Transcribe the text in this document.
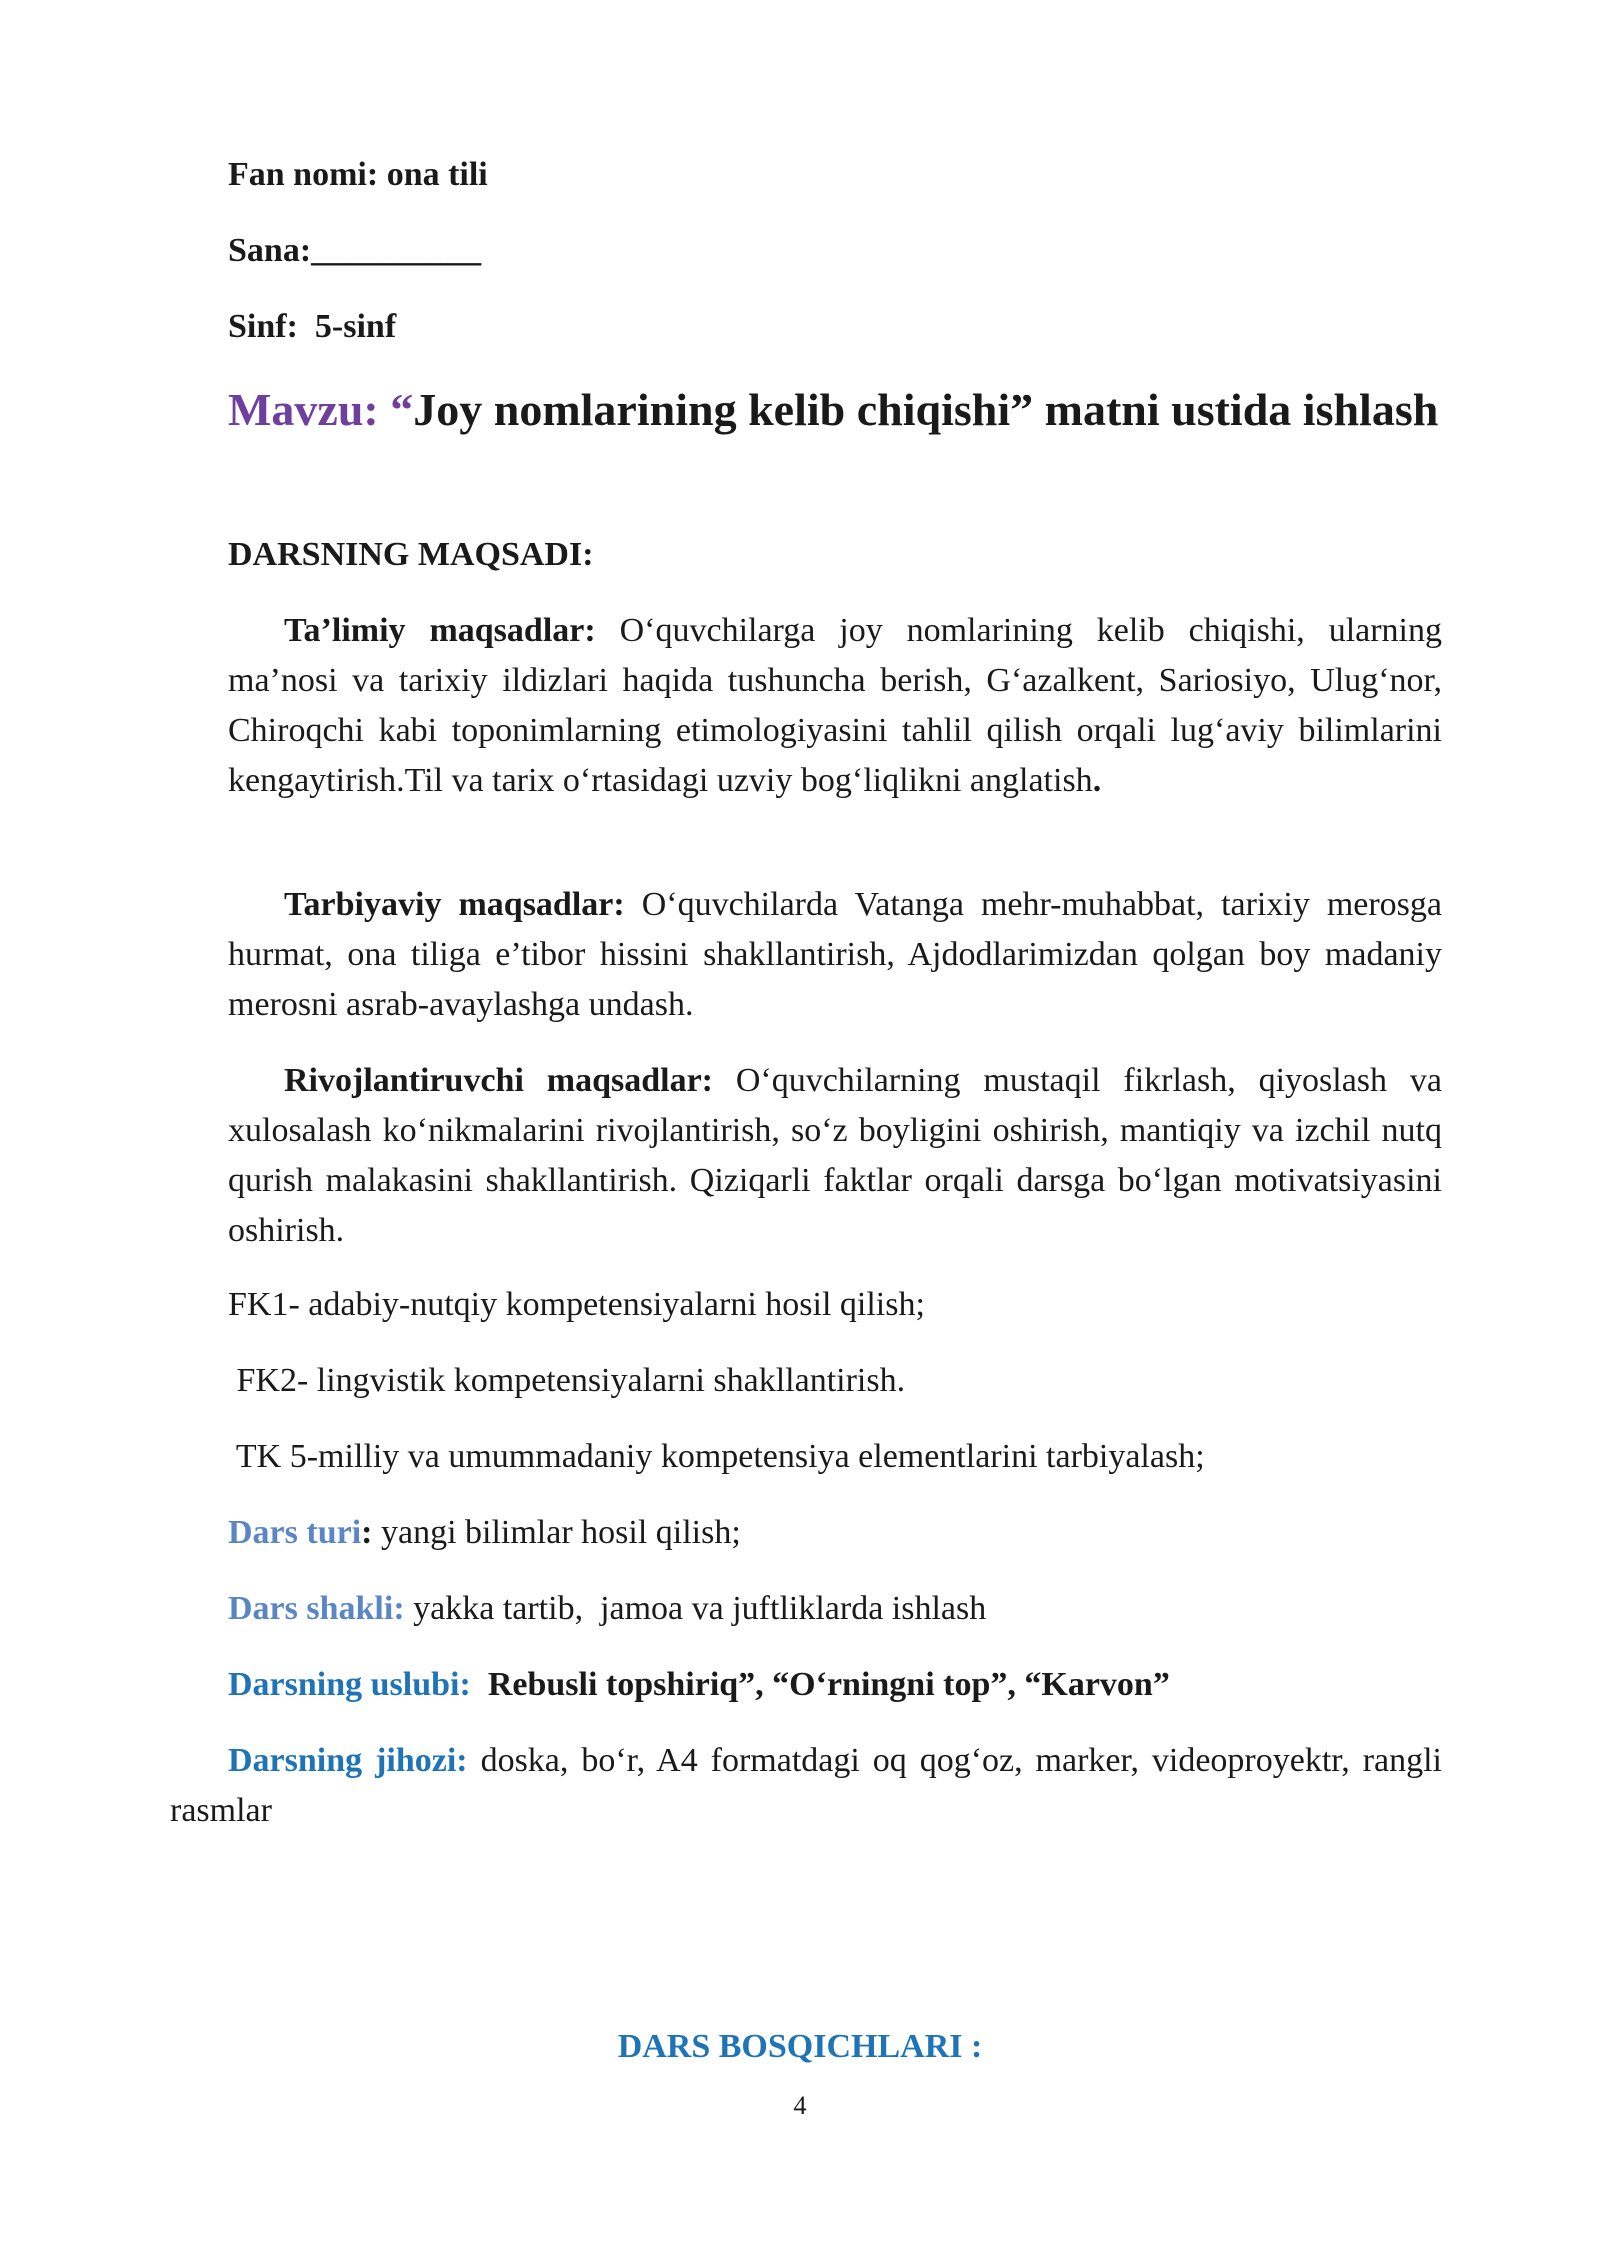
Fan nomi: ona tili

Sana:__________

Sinf: 5-sinf

Mavzu: “Joy nomlarining kelib chiqishi” matni ustida ishlash

DARSNING MAQSADI:

Ta’limiy maqsadlar: O‘quvchilarga joy nomlarining kelib chiqishi, ularning ma’nosi va tarixiy ildizlari haqida tushuncha berish, G‘azalkent, Sariosiyo, Ulug‘nor, Chiroqchi kabi toponimlarning etimologiyasini tahlil qilish orqali lug‘aviy bilimlarini kengaytirish.Til va tarix o‘rtasidagi uzviy bog‘liqlikni anglatish.

Tarbiyaviy maqsadlar: O‘quvchilarda Vatanga mehr-muhabbat, tarixiy merosga hurmat, ona tiliga e’tibor hissini shakllantirish, Ajdodlarimizdan qolgan boy madaniy merosni asrab-avaylashga undash.

Rivojlantiruvchi maqsadlar: O‘quvchilarning mustaqil fikrlash, qiyoslash va xulosalash ko‘nikmalarini rivojlantirish, so‘z boyligini oshirish, mantiqiy va izchil nutq qurish malakasini shakllantirish. Qiziqarli faktlar orqali darsga bo‘lgan motivatsiyasini oshirish.

FK1- adabiy-nutqiy kompetensiyalarni hosil qilish;

FK2- lingvistik kompetensiyalarni shakllantirish.

TK 5-milliy va umummadaniy kompetensiya elementlarini tarbiyalash;

Dars turi: yangi bilimlar hosil qilish;

Dars shakli: yakka tartib,  jamoa va juftliklarda ishlash

Darsning uslubi:  Rebusli topshiriq”, “O‘rningni top”, “Karvon”

Darsning jihozi: doska, bo‘r, A4 formatdagi oq qog‘oz, marker, videoproyektr, rangli rasmlar

DARS BOSQICHLARI :
4
